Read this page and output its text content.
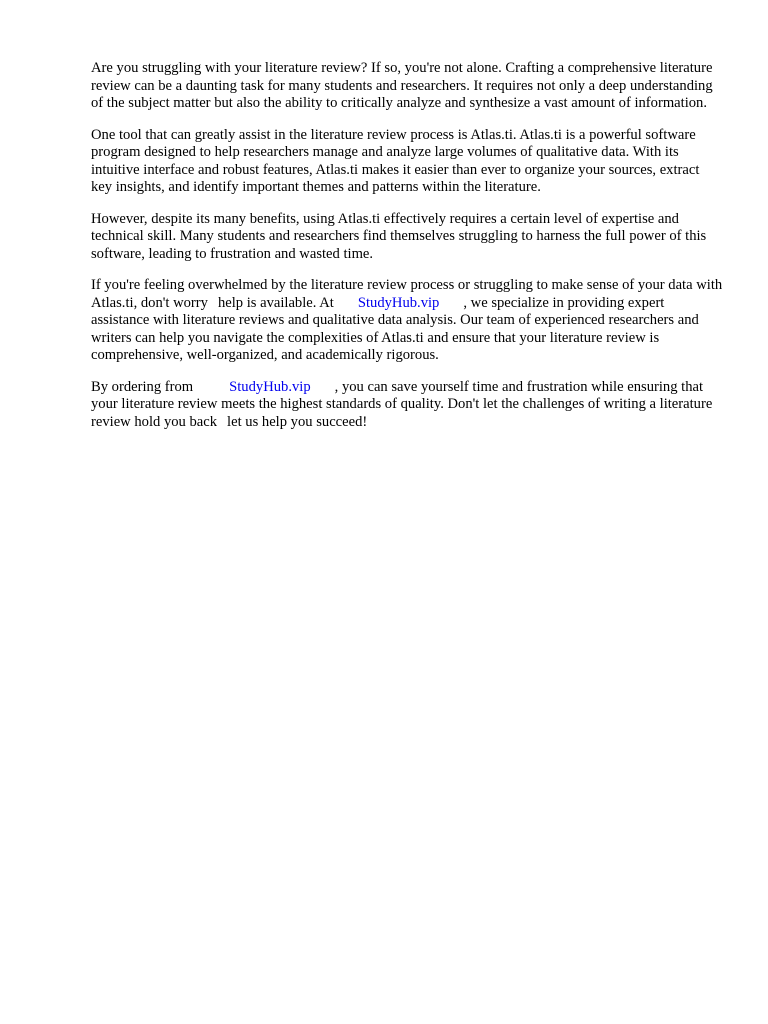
Are you struggling with your literature review? If so, you're not alone. Crafting a comprehensive literature review can be a daunting task for many students and researchers. It requires not only a deep understanding of the subject matter but also the ability to critically analyze and synthesize a vast amount of information.

One tool that can greatly assist in the literature review process is Atlas.ti. Atlas.ti is a powerful software program designed to help researchers manage and analyze large volumes of qualitative data. With its intuitive interface and robust features, Atlas.ti makes it easier than ever to organize your sources, extract key insights, and identify important themes and patterns within the literature.

However, despite its many benefits, using Atlas.ti effectively requires a certain level of expertise and technical skill. Many students and researchers find themselves struggling to harness the full power of this software, leading to frustration and wasted time.

If you're feeling overwhelmed by the literature review process or struggling to make sense of your data with Atlas.ti, don't worry help is available. At StudyHub.vip , we specialize in providing expert assistance with literature reviews and qualitative data analysis. Our team of experienced researchers and writers can help you navigate the complexities of Atlas.ti and ensure that your literature review is comprehensive, well-organized, and academically rigorous.

By ordering from StudyHub.vip , you can save yourself time and frustration while ensuring that your literature review meets the highest standards of quality. Don't let the challenges of writing a literature review hold you back let us help you succeed!
